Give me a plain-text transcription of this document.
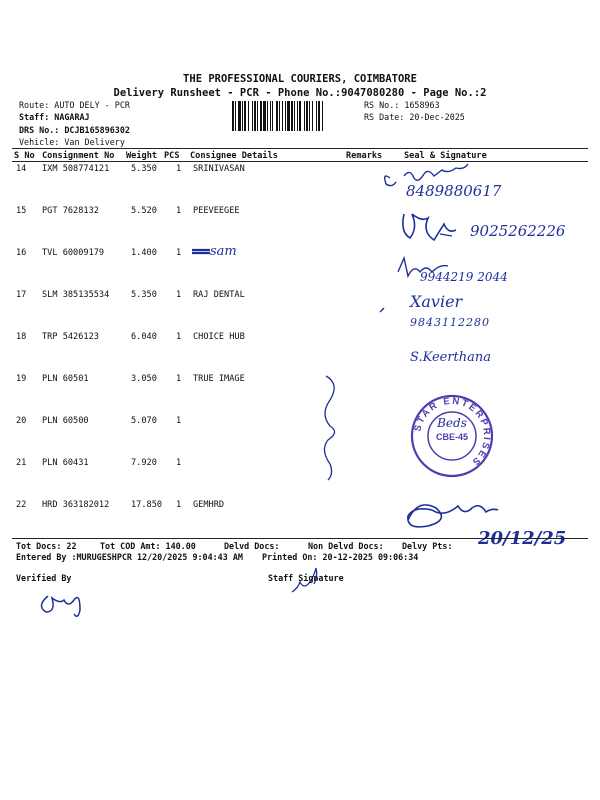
THE PROFESSIONAL COURIERS, COIMBATORE
Delivery Runsheet - PCR - Phone No.:9047080280 - Page No.:2
Route: AUTO DELY - PCR
Staff: NAGARAJ
DRS No.: DCJB165896302
Vehicle: Van Delivery
RS No.: 1658963
RS Date: 20-Dec-2025
S No Consignment No Weight PCS Consignee Details	Remarks	Seal & Signature
14 IXM 508774121	5.350 1 SRINIVASAN
15 PGT 7628132	5.520 1 PEEVEEGEE
16 TVL 60009179	1.400 1
17 SLM 385135534	5.350 1 RAJ DENTAL
18 TRP 5426123	6.040 1 CHOICE HUB
19 PLN 60501	3.050 1 TRUE IMAGE
20 PLN 60500	5.070 1
21 PLN 60431	7.920 1
22 HRD 363182012	17.850 1 GEMHRD
8489880617
9025262226
sam
9944219 2044
Xavier
9843112280
S.Keerthana
20/12/25
STAR ENTERPRISES
Beds
CBE-45
Tot Docs: 22	Tot COD Amt: 140.00	Delvd Docs:	Non Delvd Docs: Delvy Pts:
Entered By :MURUGESHPCR 12/20/2025 9:04:43 AM Printed On: 20-12-2025 09:06:34
Verified By	Staff Signature
